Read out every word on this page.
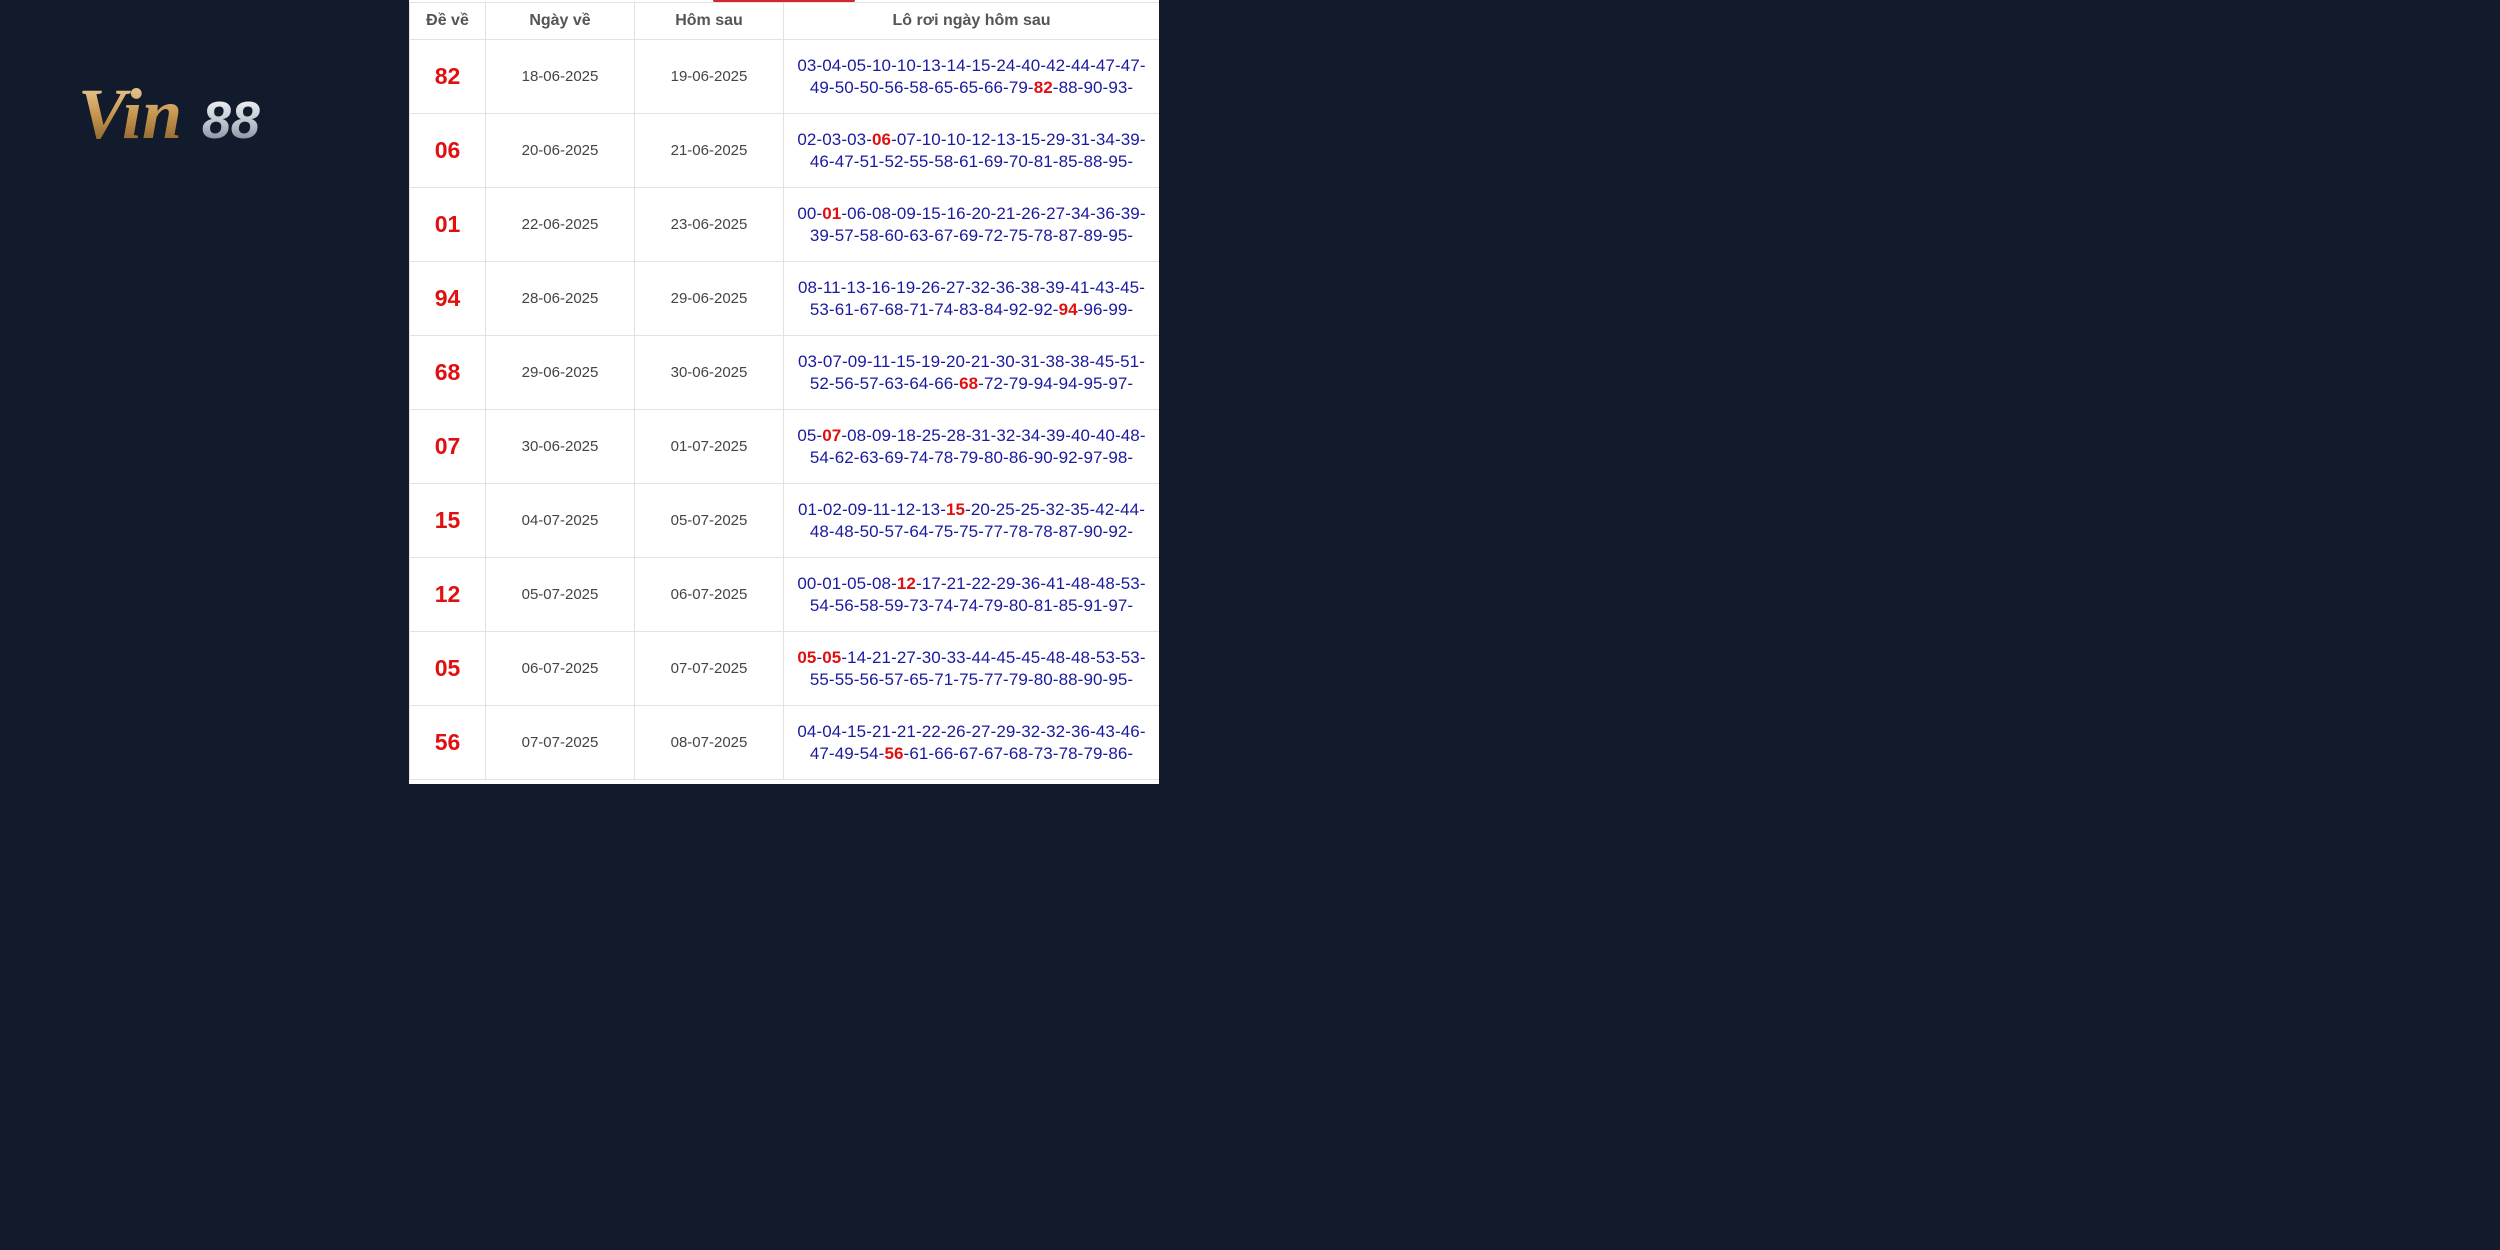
Vin 88
Đề về	Ngày về	Hôm sau	Lô rơi ngày hôm sau
82	18-06-2025	19-06-2025	03-04-05-10-10-13-14-15-24-40-42-44-47-47-49-50-50-56-58-65-65-66-79-82-88-90-93-
06	20-06-2025	21-06-2025	02-03-03-06-07-10-10-12-13-15-29-31-34-39-46-47-51-52-55-58-61-69-70-81-85-88-95-
01	22-06-2025	23-06-2025	00-01-06-08-09-15-16-20-21-26-27-34-36-39-39-57-58-60-63-67-69-72-75-78-87-89-95-
94	28-06-2025	29-06-2025	08-11-13-16-19-26-27-32-36-38-39-41-43-45-53-61-67-68-71-74-83-84-92-92-94-96-99-
68	29-06-2025	30-06-2025	03-07-09-11-15-19-20-21-30-31-38-38-45-51-52-56-57-63-64-66-68-72-79-94-94-95-97-
07	30-06-2025	01-07-2025	05-07-08-09-18-25-28-31-32-34-39-40-40-48-54-62-63-69-74-78-79-80-86-90-92-97-98-
15	04-07-2025	05-07-2025	01-02-09-11-12-13-15-20-25-25-32-35-42-44-48-48-50-57-64-75-75-77-78-78-87-90-92-
12	05-07-2025	06-07-2025	00-01-05-08-12-17-21-22-29-36-41-48-48-53-54-56-58-59-73-74-74-79-80-81-85-91-97-
05	06-07-2025	07-07-2025	05-05-14-21-27-30-33-44-45-45-48-48-53-53-55-55-56-57-65-71-75-77-79-80-88-90-95-
56	07-07-2025	08-07-2025	04-04-15-21-21-22-26-27-29-32-32-36-43-46-47-49-54-56-61-66-67-67-68-73-78-79-86-
